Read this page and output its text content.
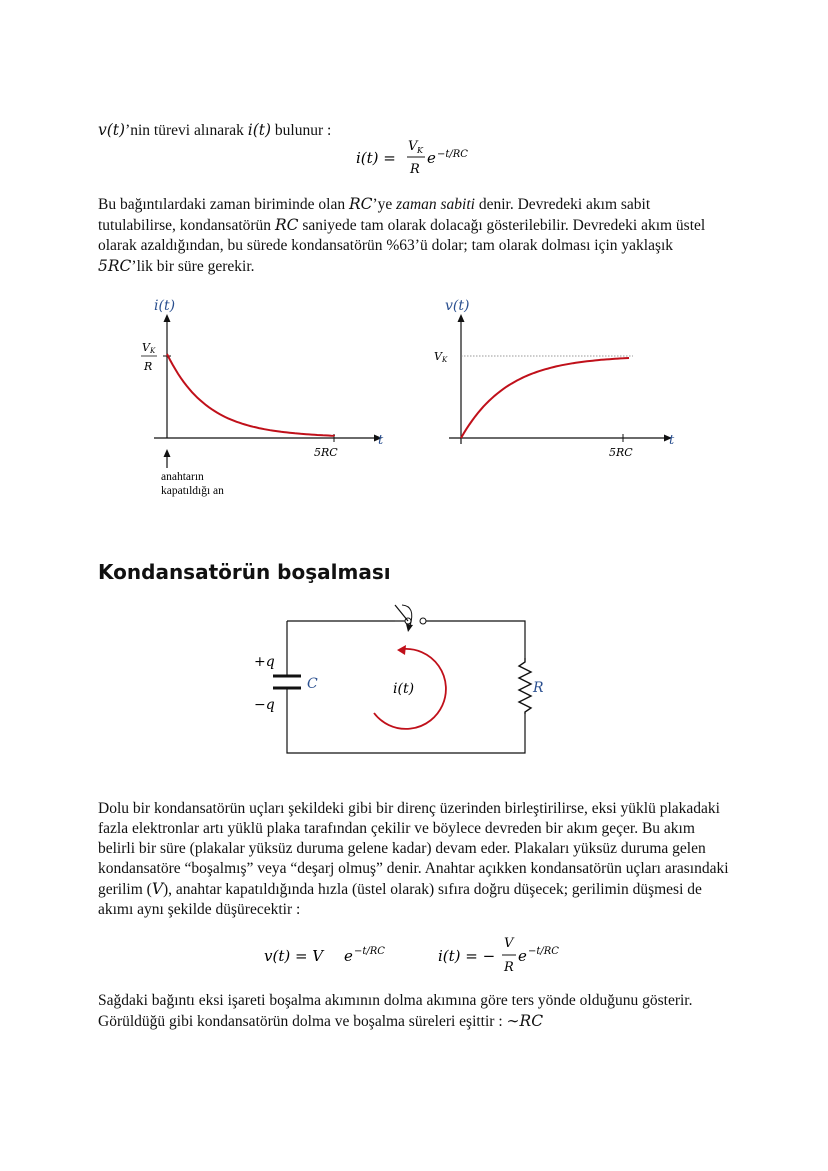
v(t)’nin türevi alınarak i(t) bulunur :
i(t) =
V K
R
e −t/RC
Bu bağıntılardaki zaman biriminde olan RC’ye zaman sabiti denir. Devredeki akım sabit tutulabilirse, kondansatörün RC saniyede tam olarak dolacağı gösterilebilir. Devredeki akım üstel olarak azaldığından, bu sürede kondansatörün %63’ü dolar; tam olarak dolması için yaklaşık 5RC’lik bir süre gerekir.
i(t)
t
V K
R
5RC
anahtarın
kapatıldığı an
v(t)
t
V K
5RC
Kondansatörün boşalması
+q
−q
C	R
i(t)
Dolu bir kondansatörün uçları şekildeki gibi bir direnç üzerinden birleştirilirse, eksi yüklü plakadaki fazla elektronlar artı yüklü plaka tarafından çekilir ve böylece devreden bir akım geçer. Bu akım belirli bir süre (plakalar yüksüz duruma gelene kadar) devam eder. Plakaları yüksüz duruma gelen kondansatöre “boşalmış” veya “deşarj olmuş” denir. Anahtar açıkken kondansatörün uçları arasındaki gerilim (V), anahtar kapatıldığında hızla (üstel olarak) sıfıra doğru düşecek; gerilimin düşmesi de akımı aynı şekilde düşürecektir :
v(t) = V e −t/RC	i(t) = −
V
R
e −t/RC
Sağdaki bağıntı eksi işareti boşalma akımının dolma akımına göre ters yönde olduğunu gösterir. Görüldüğü gibi kondansatörün dolma ve boşalma süreleri eşittir : ∼RC
